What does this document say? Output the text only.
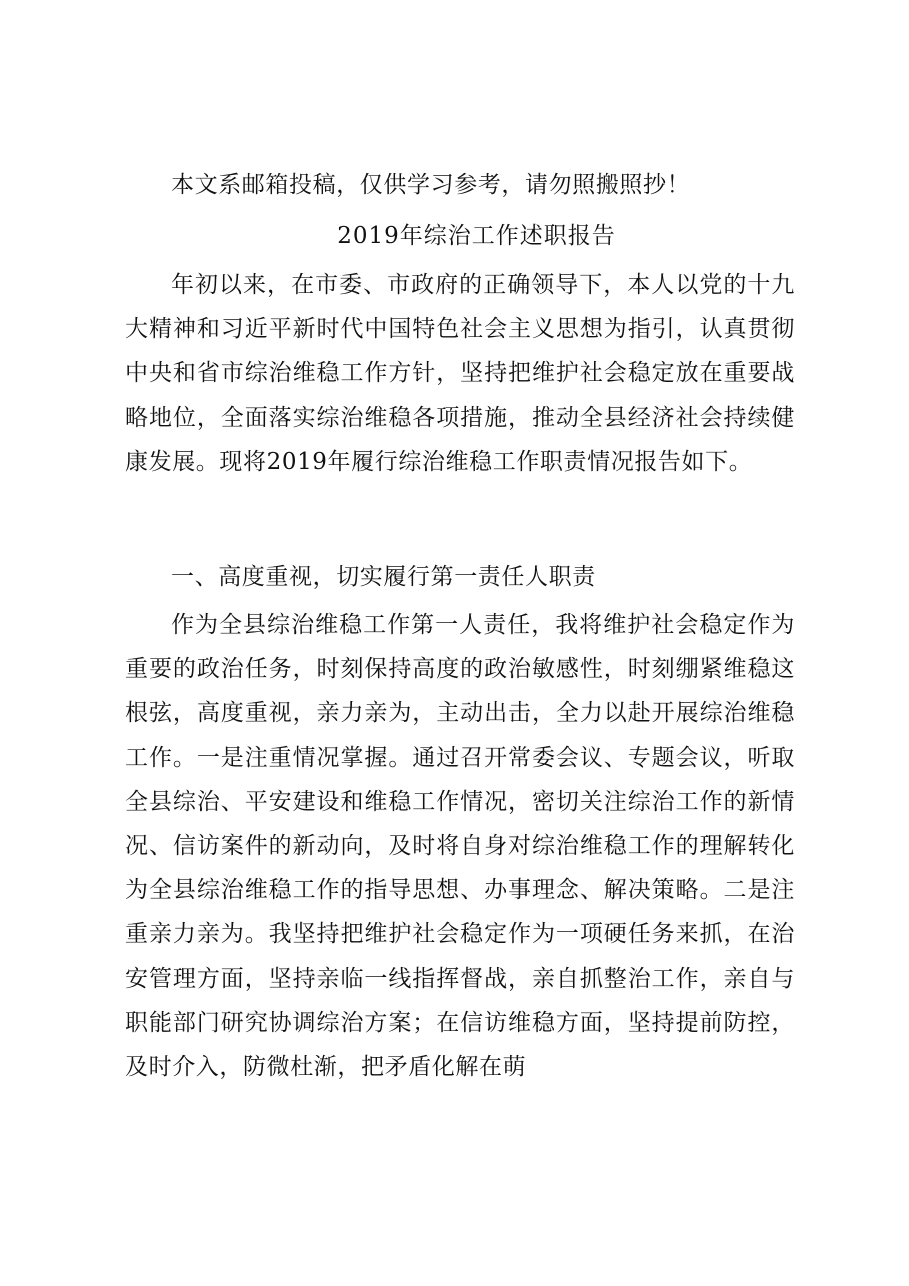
本文系邮箱投稿，仅供学习参考，请勿照搬照抄！
2019年综治工作述职报告
年初以来，在市委、市政府的正确领导下，本人以党的十九大精神和习近平新时代中国特色社会主义思想为指引，认真贯彻中央和省市综治维稳工作方针，坚持把维护社会稳定放在重要战略地位，全面落实综治维稳各项措施，推动全县经济社会持续健康发展。现将2019年履行综治维稳工作职责情况报告如下。
一、高度重视，切实履行第一责任人职责
作为全县综治维稳工作第一人责任，我将维护社会稳定作为重要的政治任务，时刻保持高度的政治敏感性，时刻绷紧维稳这根弦，高度重视，亲力亲为，主动出击，全力以赴开展综治维稳工作。一是注重情况掌握。通过召开常委会议、专题会议，听取全县综治、平安建设和维稳工作情况，密切关注综治工作的新情况、信访案件的新动向，及时将自身对综治维稳工作的理解转化为全县综治维稳工作的指导思想、办事理念、解决策略。二是注重亲力亲为。我坚持把维护社会稳定作为一项硬任务来抓，在治安管理方面，坚持亲临一线指挥督战，亲自抓整治工作，亲自与职能部门研究协调综治方案；在信访维稳方面，坚持提前防控，及时介入，防微杜渐，把矛盾化解在萌
